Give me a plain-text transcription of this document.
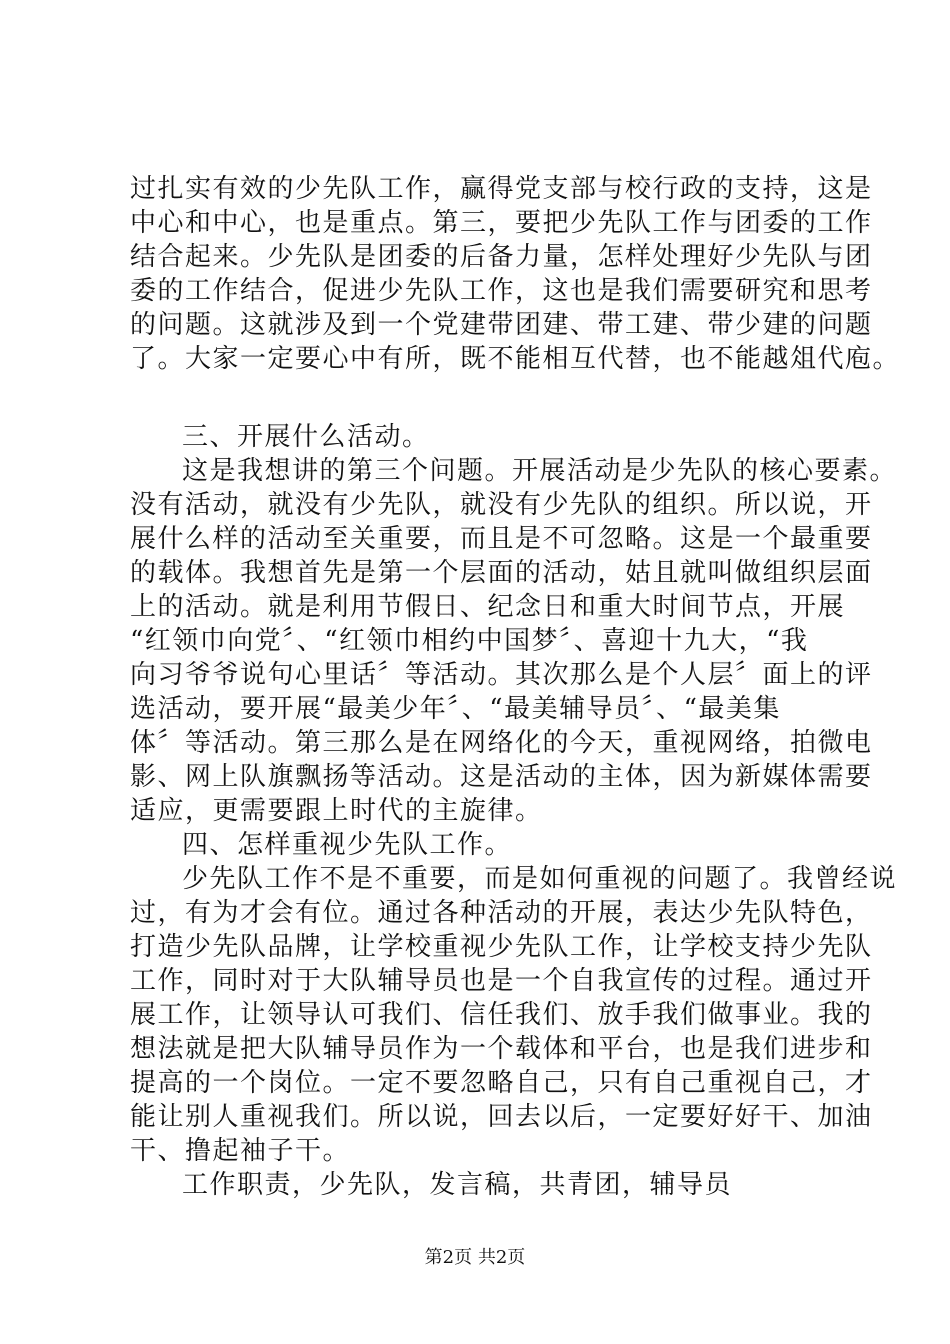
过扎实有效的少先队工作，赢得党支部与校行政的支持，这是

中心和中心，也是重点。第三，要把少先队工作与团委的工作

结合起来。少先队是团委的后备力量，怎样处理好少先队与团

委的工作结合，促进少先队工作，这也是我们需要研究和思考

的问题。这就涉及到一个党建带团建、带工建、带少建的问题

了。大家一定要心中有所，既不能相互代替，也不能越俎代庖。

三、开展什么活动。

这是我想讲的第三个问题。开展活动是少先队的核心要素。

没有活动，就没有少先队，就没有少先队的组织。所以说，开

展什么样的活动至关重要，而且是不可忽略。这是一个最重要

的载体。我想首先是第一个层面的活动，姑且就叫做组织层面

上的活动。就是利用节假日、纪念日和重大时间节点，开展

“红领巾向党〞、“红领巾相约中国梦〞、喜迎十九大，“我

向习爷爷说句心里话〞等活动。其次那么是个人层〞面上的评

选活动，要开展“最美少年〞、“最美辅导员〞、“最美集

体〞等活动。第三那么是在网络化的今天，重视网络，拍微电

影、网上队旗飘扬等活动。这是活动的主体，因为新媒体需要

适应，更需要跟上时代的主旋律。

四、怎样重视少先队工作。

少先队工作不是不重要，而是如何重视的问题了。我曾经说

过，有为才会有位。通过各种活动的开展，表达少先队特色，

打造少先队品牌，让学校重视少先队工作，让学校支持少先队

工作，同时对于大队辅导员也是一个自我宣传的过程。通过开

展工作，让领导认可我们、信任我们、放手我们做事业。我的

想法就是把大队辅导员作为一个载体和平台，也是我们进步和

提高的一个岗位。一定不要忽略自己，只有自己重视自己，才

能让别人重视我们。所以说，回去以后，一定要好好干、加油

干、撸起袖子干。

工作职责，少先队，发言稿，共青团，辅导员

第2页 共2页
